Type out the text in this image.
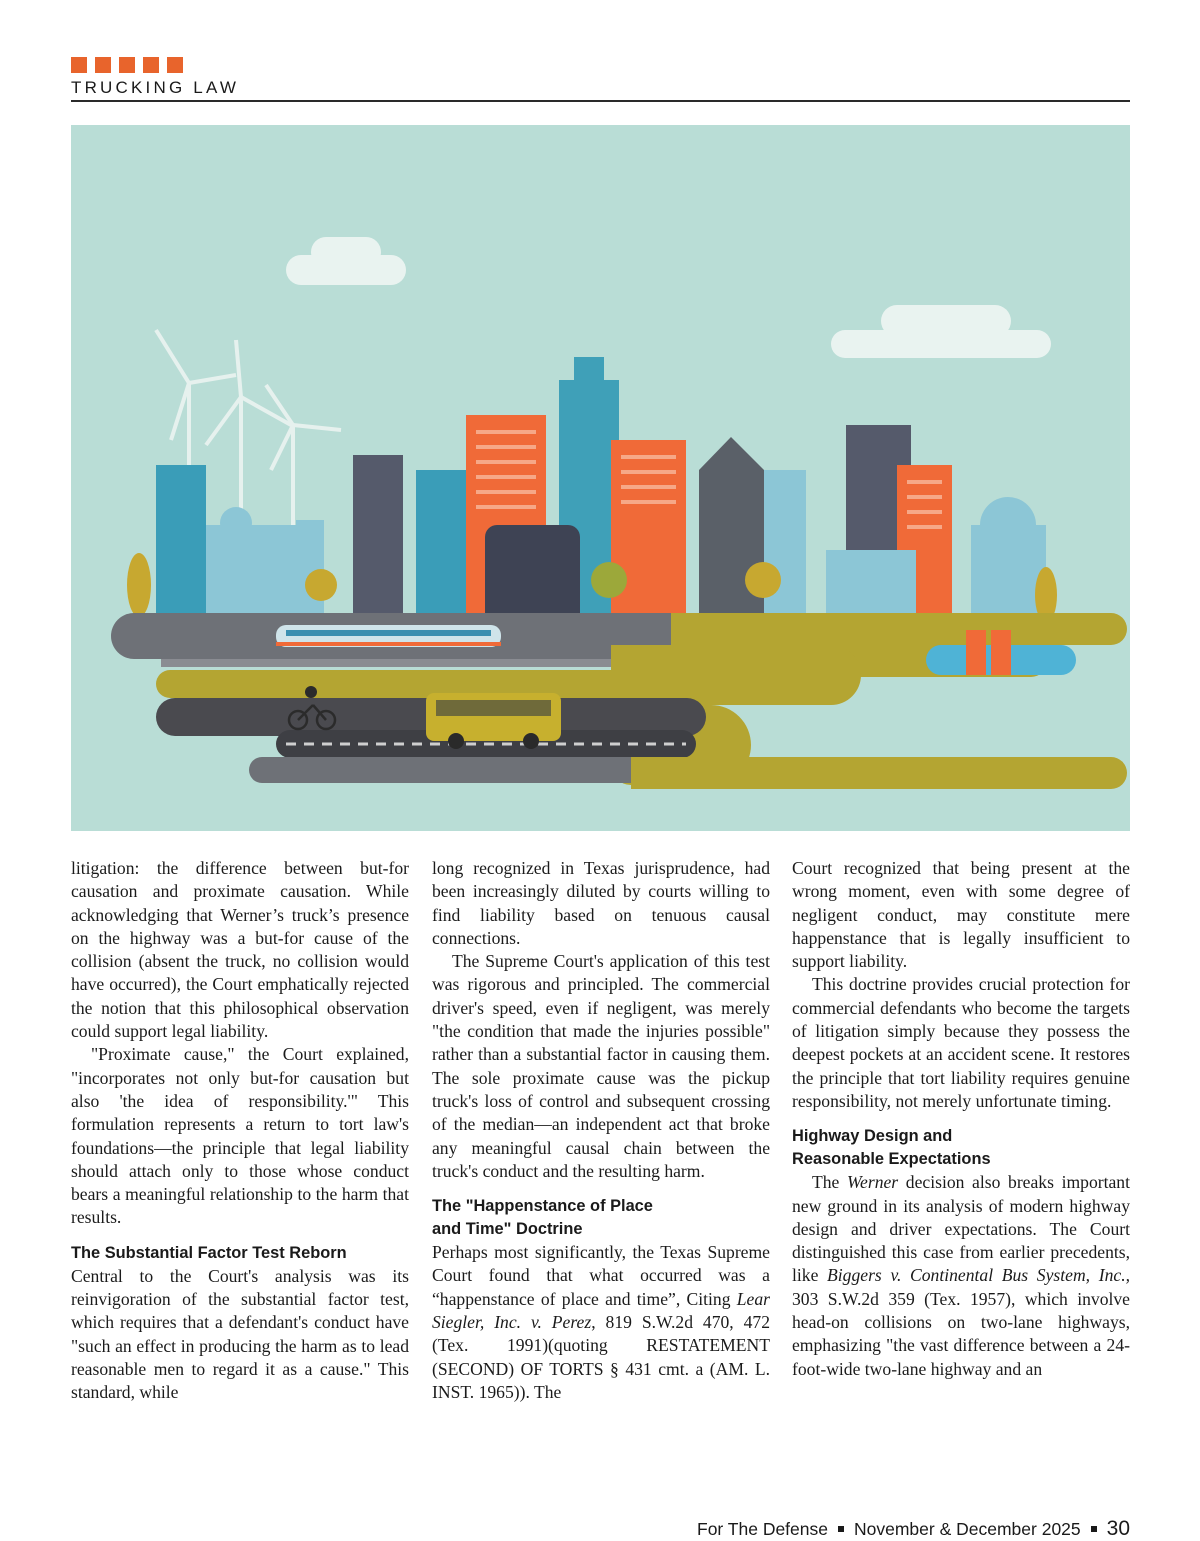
TRUCKING LAW

litigation: the difference between but-for causation and proximate causation. While acknowledging that Werner’s truck’s presence on the highway was a but-for cause of the collision (absent the truck, no collision would have occurred), the Court emphatically rejected the notion that this philosophical observation could support legal liability.

"Proximate cause," the Court explained, "incorporates not only but-for causation but also 'the idea of responsibility.'" This formulation represents a return to tort law's foundations—the principle that legal liability should attach only to those whose conduct bears a meaningful relationship to the harm that results.

The Substantial Factor Test Reborn

Central to the Court's analysis was its reinvigoration of the substantial factor test, which requires that a defendant's conduct have "such an effect in producing the harm as to lead reasonable men to regard it as a cause." This standard, while

long recognized in Texas jurisprudence, had been increasingly diluted by courts willing to find liability based on tenuous causal connections.

The Supreme Court's application of this test was rigorous and principled. The commercial driver's speed, even if negligent, was merely "the condition that made the injuries possible" rather than a substantial factor in causing them. The sole proximate cause was the pickup truck's loss of control and subsequent crossing of the median—an independent act that broke any meaningful causal chain between the truck's conduct and the resulting harm.

The "Happenstance of Place
and Time" Doctrine

Perhaps most significantly, the Texas Supreme Court found that what occurred was a “happenstance of place and time”, Citing Lear Siegler, Inc. v. Perez, 819 S.W.2d 470, 472 (Tex. 1991)(quoting RESTATEMENT (SECOND) OF TORTS § 431 cmt. a (AM. L. INST. 1965)). The

Court recognized that being present at the wrong moment, even with some degree of negligent conduct, may constitute mere happenstance that is legally insufficient to support liability.

This doctrine provides crucial protection for commercial defendants who become the targets of litigation simply because they possess the deepest pockets at an accident scene. It restores the principle that tort liability requires genuine responsibility, not merely unfortunate timing.

Highway Design and
Reasonable Expectations

The Werner decision also breaks important new ground in its analysis of modern highway design and driver expectations. The Court distinguished this case from earlier precedents, like Biggers v. Continental Bus System, Inc., 303 S.W.2d 359 (Tex. 1957), which involve head-on collisions on two-lane highways, emphasizing "the vast difference between a 24-foot-wide two-lane highway and an

For The Defense November & December 2025 30
